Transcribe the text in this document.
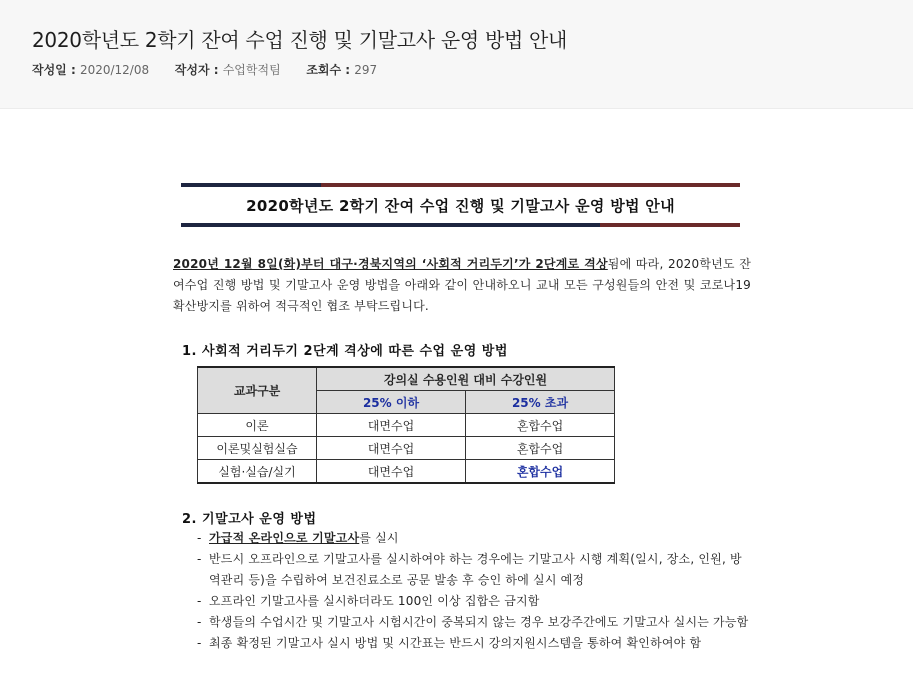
2020학년도 2학기 잔여 수업 진행 및 기말고사 운영 방법 안내
작성일 : 2020/12/08 작성자 : 수업학적팀 조회수 : 297
2020학년도 2학기 잔여 수업 진행 및 기말고사 운영 방법 안내

2020년 12월 8일(화)부터 대구·경북지역의 ‘사회적 거리두기’가 2단계로 격상됨에 따라, 2020학년도 잔여수업 진행 방법 및 기말고사 운영 방법을 아래와 같이 안내하오니 교내 모든 구성원들의 안전 및 코로나19 확산방지를 위하여 적극적인 협조 부탁드립니다.

1. 사회적 거리두기 2단계 격상에 따른 수업 운영 방법
교과구분	강의실 수용인원 대비 수강인원	
	25% 이하	25% 초과
이론	대면수업	혼합수업
이론및실험실습	대면수업	혼합수업
실험·실습/실기	대면수업	혼합수업
2. 기말고사 운영 방법
- 가급적 온라인으로 기말고사를 실시
- 반드시 오프라인으로 기말고사를 실시하여야 하는 경우에는 기말고사 시행 계획(일시, 장소, 인원, 방역관리 등)을 수립하여 보건진료소로 공문 발송 후 승인 하에 실시 예정
- 오프라인 기말고사를 실시하더라도 100인 이상 집합은 금지함
- 학생들의 수업시간 및 기말고사 시험시간이 중복되지 않는 경우 보강주간에도 기말고사 실시는 가능함
- 최종 확정된 기말고사 실시 방법 및 시간표는 반드시 강의지원시스템을 통하여 확인하여야 함
